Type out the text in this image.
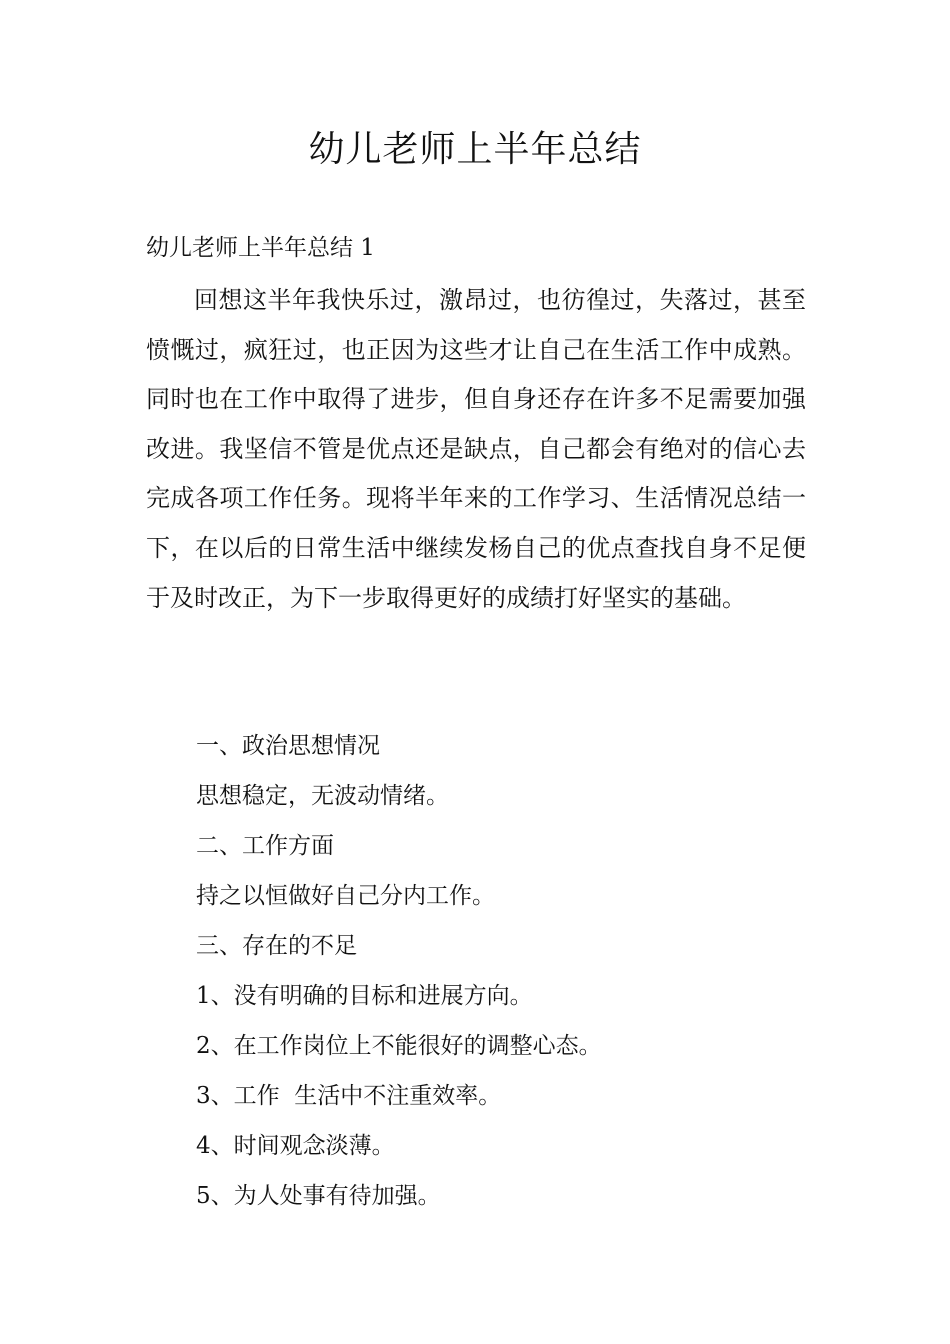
幼儿老师上半年总结

幼儿老师上半年总结 1

回想这半年我快乐过，激昂过，也彷徨过，失落过，甚至愤慨过，疯狂过，也正因为这些才让自己在生活工作中成熟。同时也在工作中取得了进步，但自身还存在许多不足需要加强改进。我坚信不管是优点还是缺点，自己都会有绝对的信心去完成各项工作任务。现将半年来的工作学习、生活情况总结一下，在以后的日常生活中继续发杨自己的优点查找自身不足便于及时改正，为下一步取得更好的成绩打好坚实的基础。

一、政治思想情况
思想稳定，无波动情绪。
二、工作方面
持之以恒做好自己分内工作。
三、存在的不足
1、没有明确的目标和进展方向。
2、在工作岗位上不能很好的调整心态。
3、工作  生活中不注重效率。
4、时间观念淡薄。
5、为人处事有待加强。
